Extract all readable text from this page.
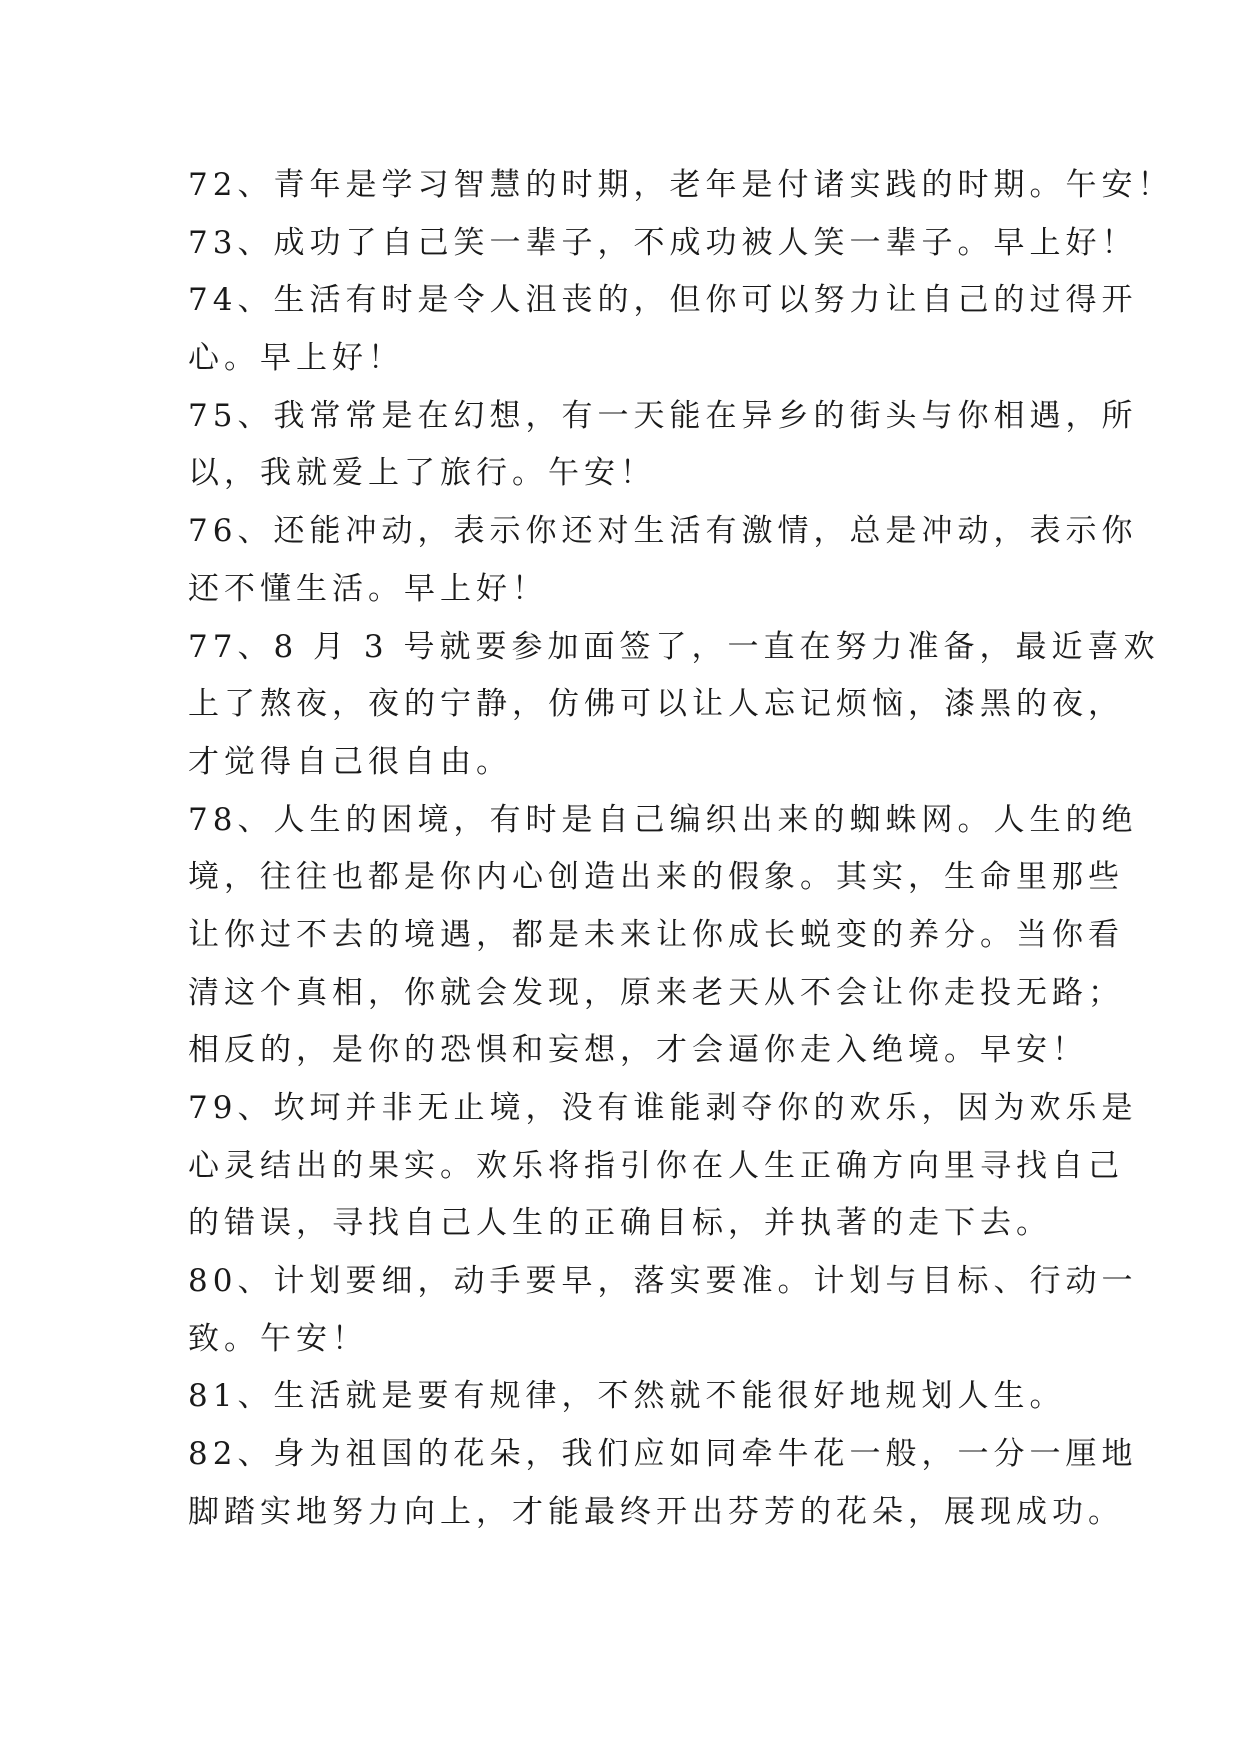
72、青年是学习智慧的时期，老年是付诸实践的时期。午安！

73、成功了自己笑一辈子，不成功被人笑一辈子。早上好！

74、生活有时是令人沮丧的，但你可以努力让自己的过得开

心。早上好！

75、我常常是在幻想，有一天能在异乡的街头与你相遇，所

以，我就爱上了旅行。午安！

76、还能冲动，表示你还对生活有激情，总是冲动，表示你

还不懂生活。早上好！

77、8 月 3 号就要参加面签了，一直在努力准备，最近喜欢

上了熬夜，夜的宁静，仿佛可以让人忘记烦恼，漆黑的夜，

才觉得自己很自由。

78、人生的困境，有时是自己编织出来的蜘蛛网。人生的绝

境，往往也都是你内心创造出来的假象。其实，生命里那些

让你过不去的境遇，都是未来让你成长蜕变的养分。当你看

清这个真相，你就会发现，原来老天从不会让你走投无路；

相反的，是你的恐惧和妄想，才会逼你走入绝境。早安！

79、坎坷并非无止境，没有谁能剥夺你的欢乐，因为欢乐是

心灵结出的果实。欢乐将指引你在人生正确方向里寻找自己

的错误，寻找自己人生的正确目标，并执著的走下去。

80、计划要细，动手要早，落实要准。计划与目标、行动一

致。午安！

81、生活就是要有规律，不然就不能很好地规划人生。

82、身为祖国的花朵，我们应如同牵牛花一般，一分一厘地

脚踏实地努力向上，才能最终开出芬芳的花朵，展现成功。
